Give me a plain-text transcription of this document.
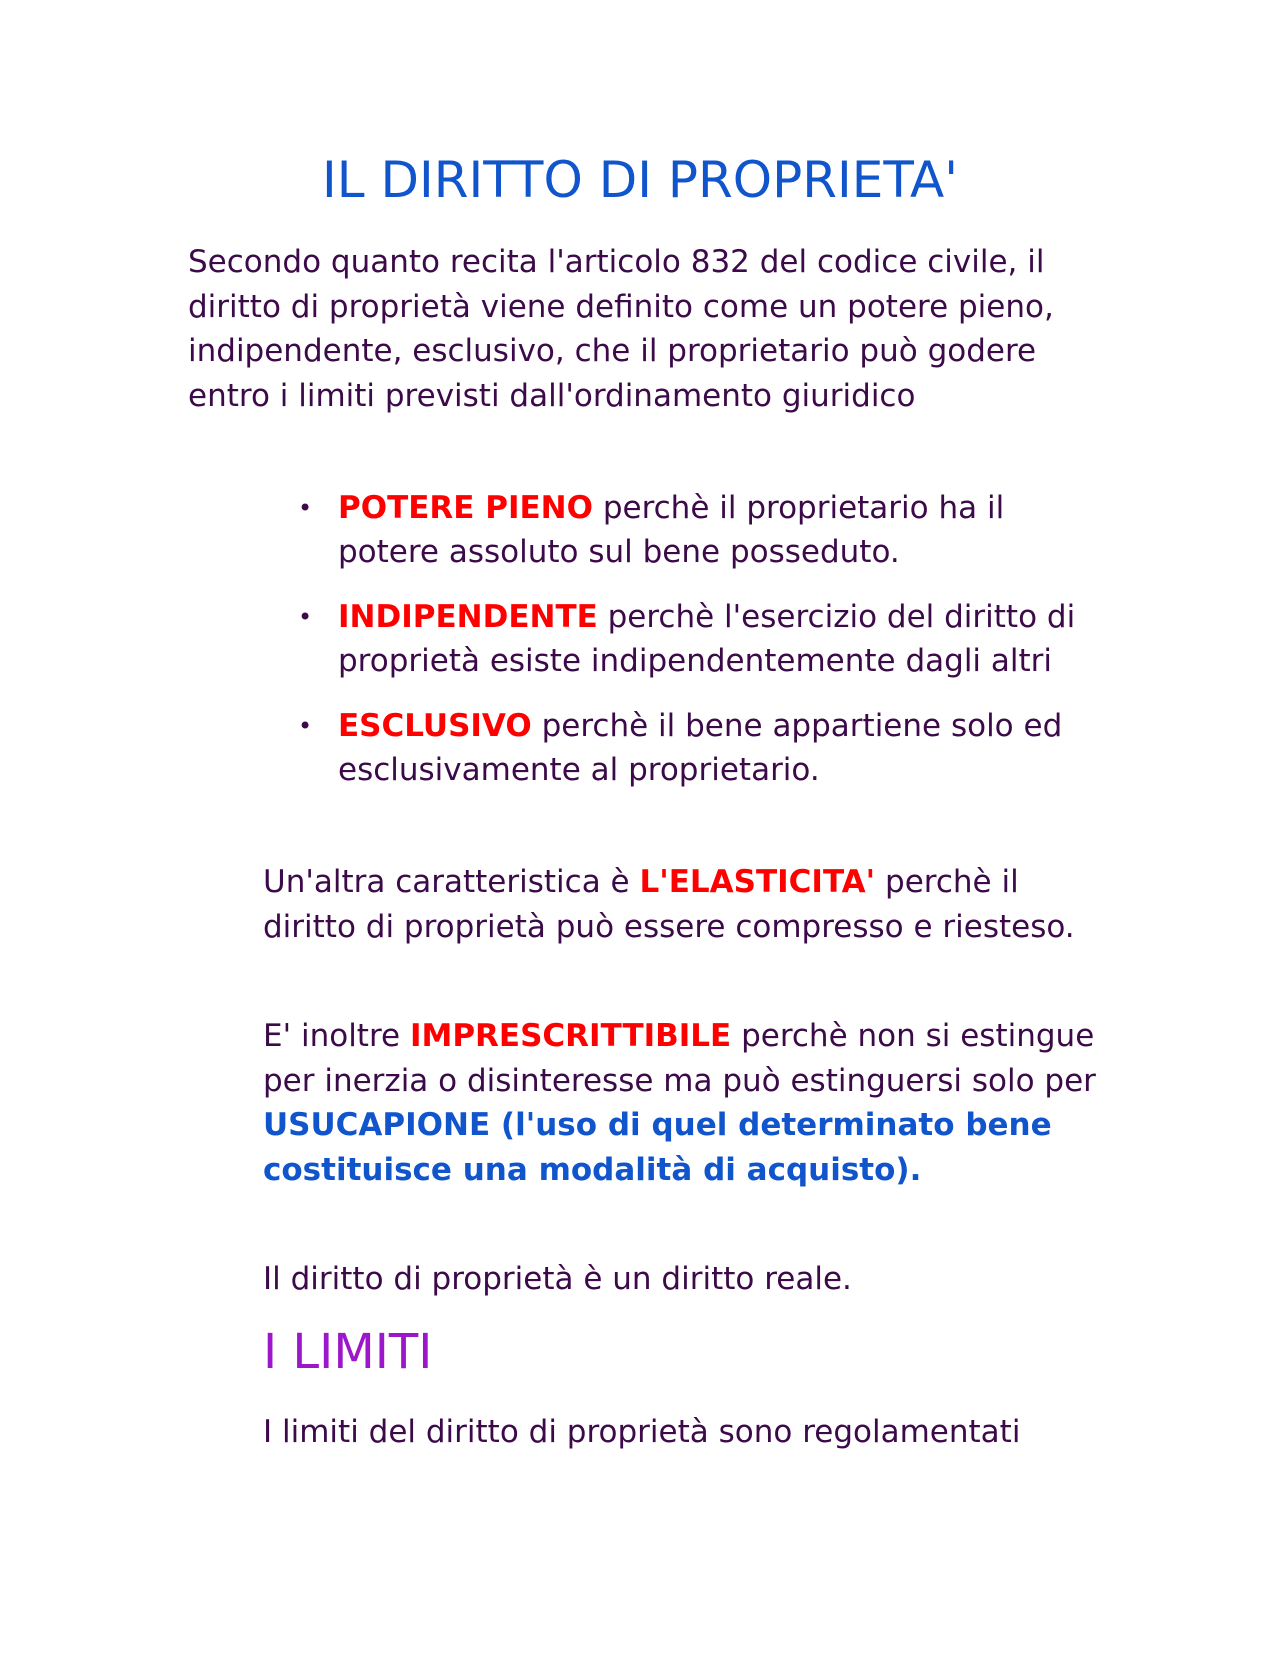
IL DIRITTO DI PROPRIETA'

Secondo quanto recita l'articolo 832 del codice civile, il diritto di proprietà viene definito come un potere pieno, indipendente, esclusivo, che il proprietario può godere entro i limiti previsti dall'ordinamento giuridico

• POTERE PIENO perchè il proprietario ha il potere assoluto sul bene posseduto.
• INDIPENDENTE perchè l'esercizio del diritto di proprietà esiste indipendentemente dagli altri
• ESCLUSIVO perchè il bene appartiene solo ed esclusivamente al proprietario.

Un'altra caratteristica è L'ELASTICITA' perchè il diritto di proprietà può essere compresso e riesteso.

E' inoltre IMPRESCRITTIBILE perchè non si estingue per inerzia o disinteresse ma può estinguersi solo per USUCAPIONE (l'uso di quel determinato bene costituisce una modalità di acquisto).

Il diritto di proprietà è un diritto reale.

I LIMITI

I limiti del diritto di proprietà sono regolamentati
